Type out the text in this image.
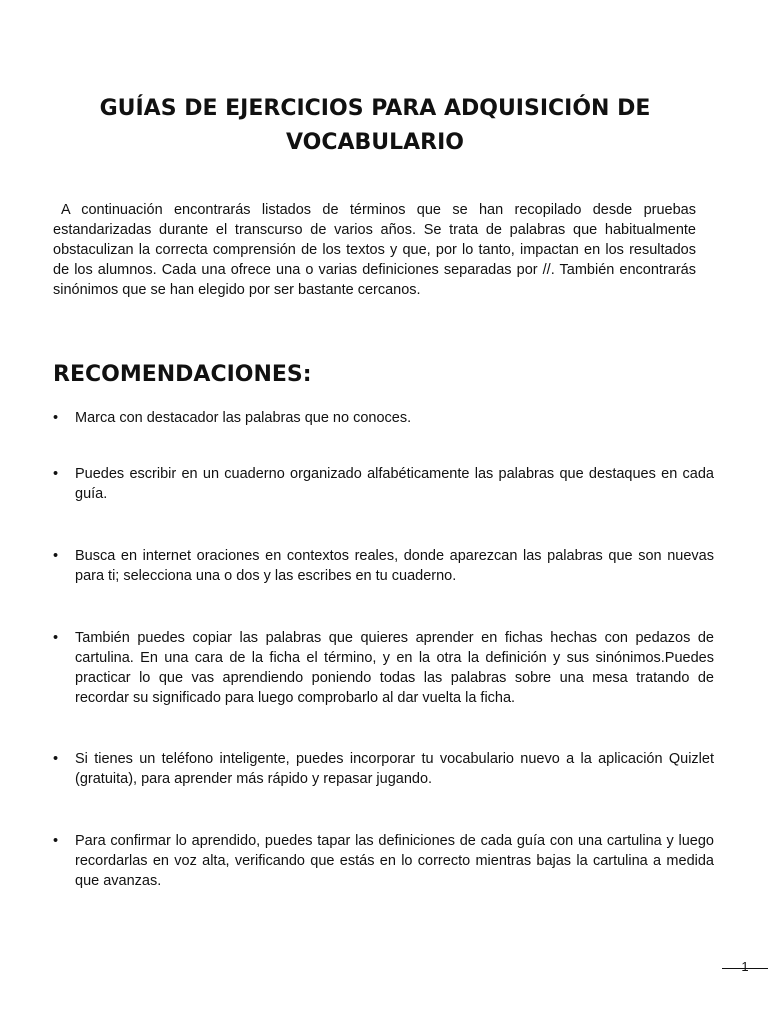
GUÍAS DE EJERCICIOS PARA ADQUISICIÓN DE VOCABULARIO

A continuación encontrarás listados de términos que se han recopilado desde pruebas estandarizadas durante el transcurso de varios años. Se trata de palabras que habitualmente obstaculizan la correcta comprensión de los textos y que, por lo tanto, impactan en los resultados de los alumnos. Cada una ofrece una o varias definiciones separadas por //. También encontrarás sinónimos que se han elegido por ser bastante cercanos.

RECOMENDACIONES:
•	Marca con destacador las palabras que no conoces.

•	Puedes escribir en un cuaderno organizado alfabéticamente las palabras que destaques en cada guía.

•	Busca en internet oraciones en contextos reales, donde aparezcan las palabras que son nuevas para ti; selecciona una o dos y las escribes en tu cuaderno.

•	También puedes copiar las palabras que quieres aprender en fichas hechas con pedazos de cartulina. En una cara de la ficha el término, y en la otra la definición y sus sinónimos.Puedes practicar lo que vas aprendiendo poniendo todas las palabras sobre una mesa tratando de recordar su significado para luego comprobarlo al dar vuelta la ficha.

•	Si tienes un teléfono inteligente, puedes incorporar tu vocabulario nuevo a la aplicación Quizlet (gratuita), para aprender más rápido y repasar jugando.

•	Para confirmar lo aprendido, puedes tapar las definiciones de cada guía con una cartulina y luego recordarlas en voz alta, verificando que estás en lo correcto mientras bajas la cartulina a medida que avanzas.

1
